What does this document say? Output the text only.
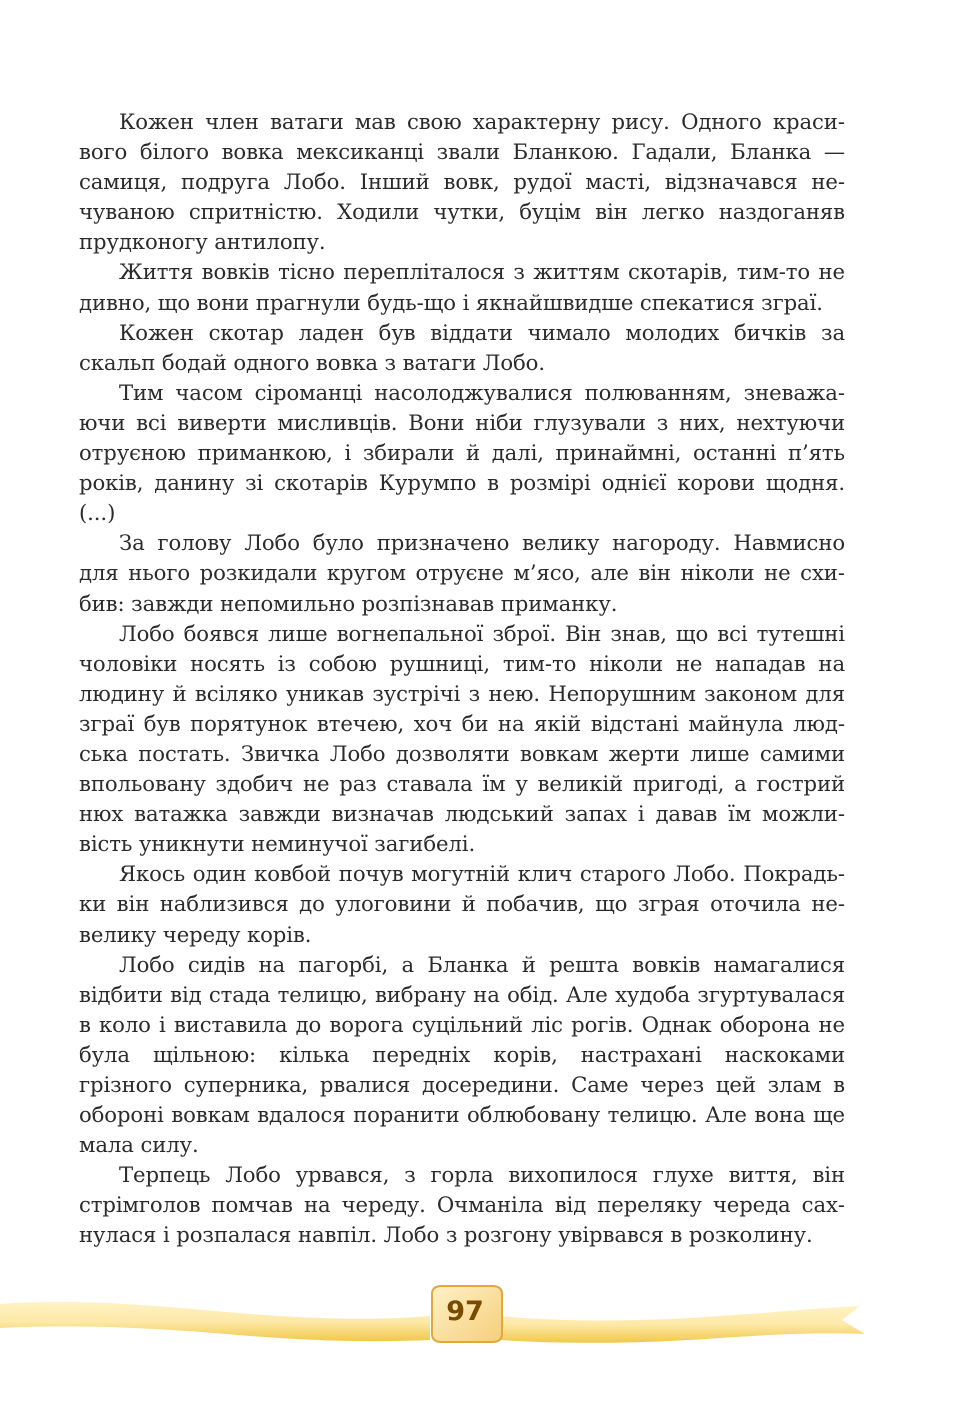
Кожен член ватаги мав свою характерну рису. Одного красивого білого вовка мексиканці звали Бланкою. Гадали, Бланка — самиця, подруга Лобо. Інший вовк, рудої масті, відзначався нечуваною спритністю. Ходили чутки, буцім він легко наздоганяв прудконогу антилопу.

Життя вовків тісно перепліталося з життям скотарів, тим-то не дивно, що вони прагнули будь-що і якнайшвидше спекатися зграї.

Кожен скотар ладен був віддати чимало молодих бичків за скальп бодай одного вовка з ватаги Лобо.

Тим часом сіроманці насолоджувалися полюванням, зневажаючи всі виверти мисливців. Вони ніби глузували з них, нехтуючи отруєною приманкою, і збирали й далі, принаймні, останні п’ять років, данину зі скотарів Курумпо в розмірі однієї корови щодня. (...)

За голову Лобо було призначено велику нагороду. Навмисно для нього розкидали кругом отруєне м’ясо, але він ніколи не схибив: завжди непомильно розпізнавав приманку.

Лобо боявся лише вогнепальної зброї. Він знав, що всі тутешні чоловіки носять із собою рушниці, тим-то ніколи не нападав на людину й всіляко уникав зустрічі з нею. Непорушним законом для зграї був порятунок втечею, хоч би на якій відстані майнула людська постать. Звичка Лобо дозволяти вовкам жерти лише самими впольовану здобич не раз ставала їм у великій пригоді, а гострий нюх ватажка завжди визначав людський запах і давав їм можливість уникнути неминучої загибелі.

Якось один ковбой почув могутній клич старого Лобо. Покрадьки він наблизився до улоговини й побачив, що зграя оточила невелику череду корів.

Лобо сидів на пагорбі, а Бланка й решта вовків намагалися відбити від стада телицю, вибрану на обід. Але худоба згуртувалася в коло і виставила до ворога суцільний ліс рогів. Однак оборона не була щільною: кілька передніх корів, настрахані наскоками грізного суперника, рвалися досередини. Саме через цей злам в обороні вовкам вдалося поранити облюбовану телицю. Але вона ще мала силу.

Терпець Лобо урвався, з горла вихопилося глухе виття, він стрімголов помчав на череду. Очманіла від переляку череда сахнулася і розпалася навпіл. Лобо з розгону увірвався в розколину.

97
